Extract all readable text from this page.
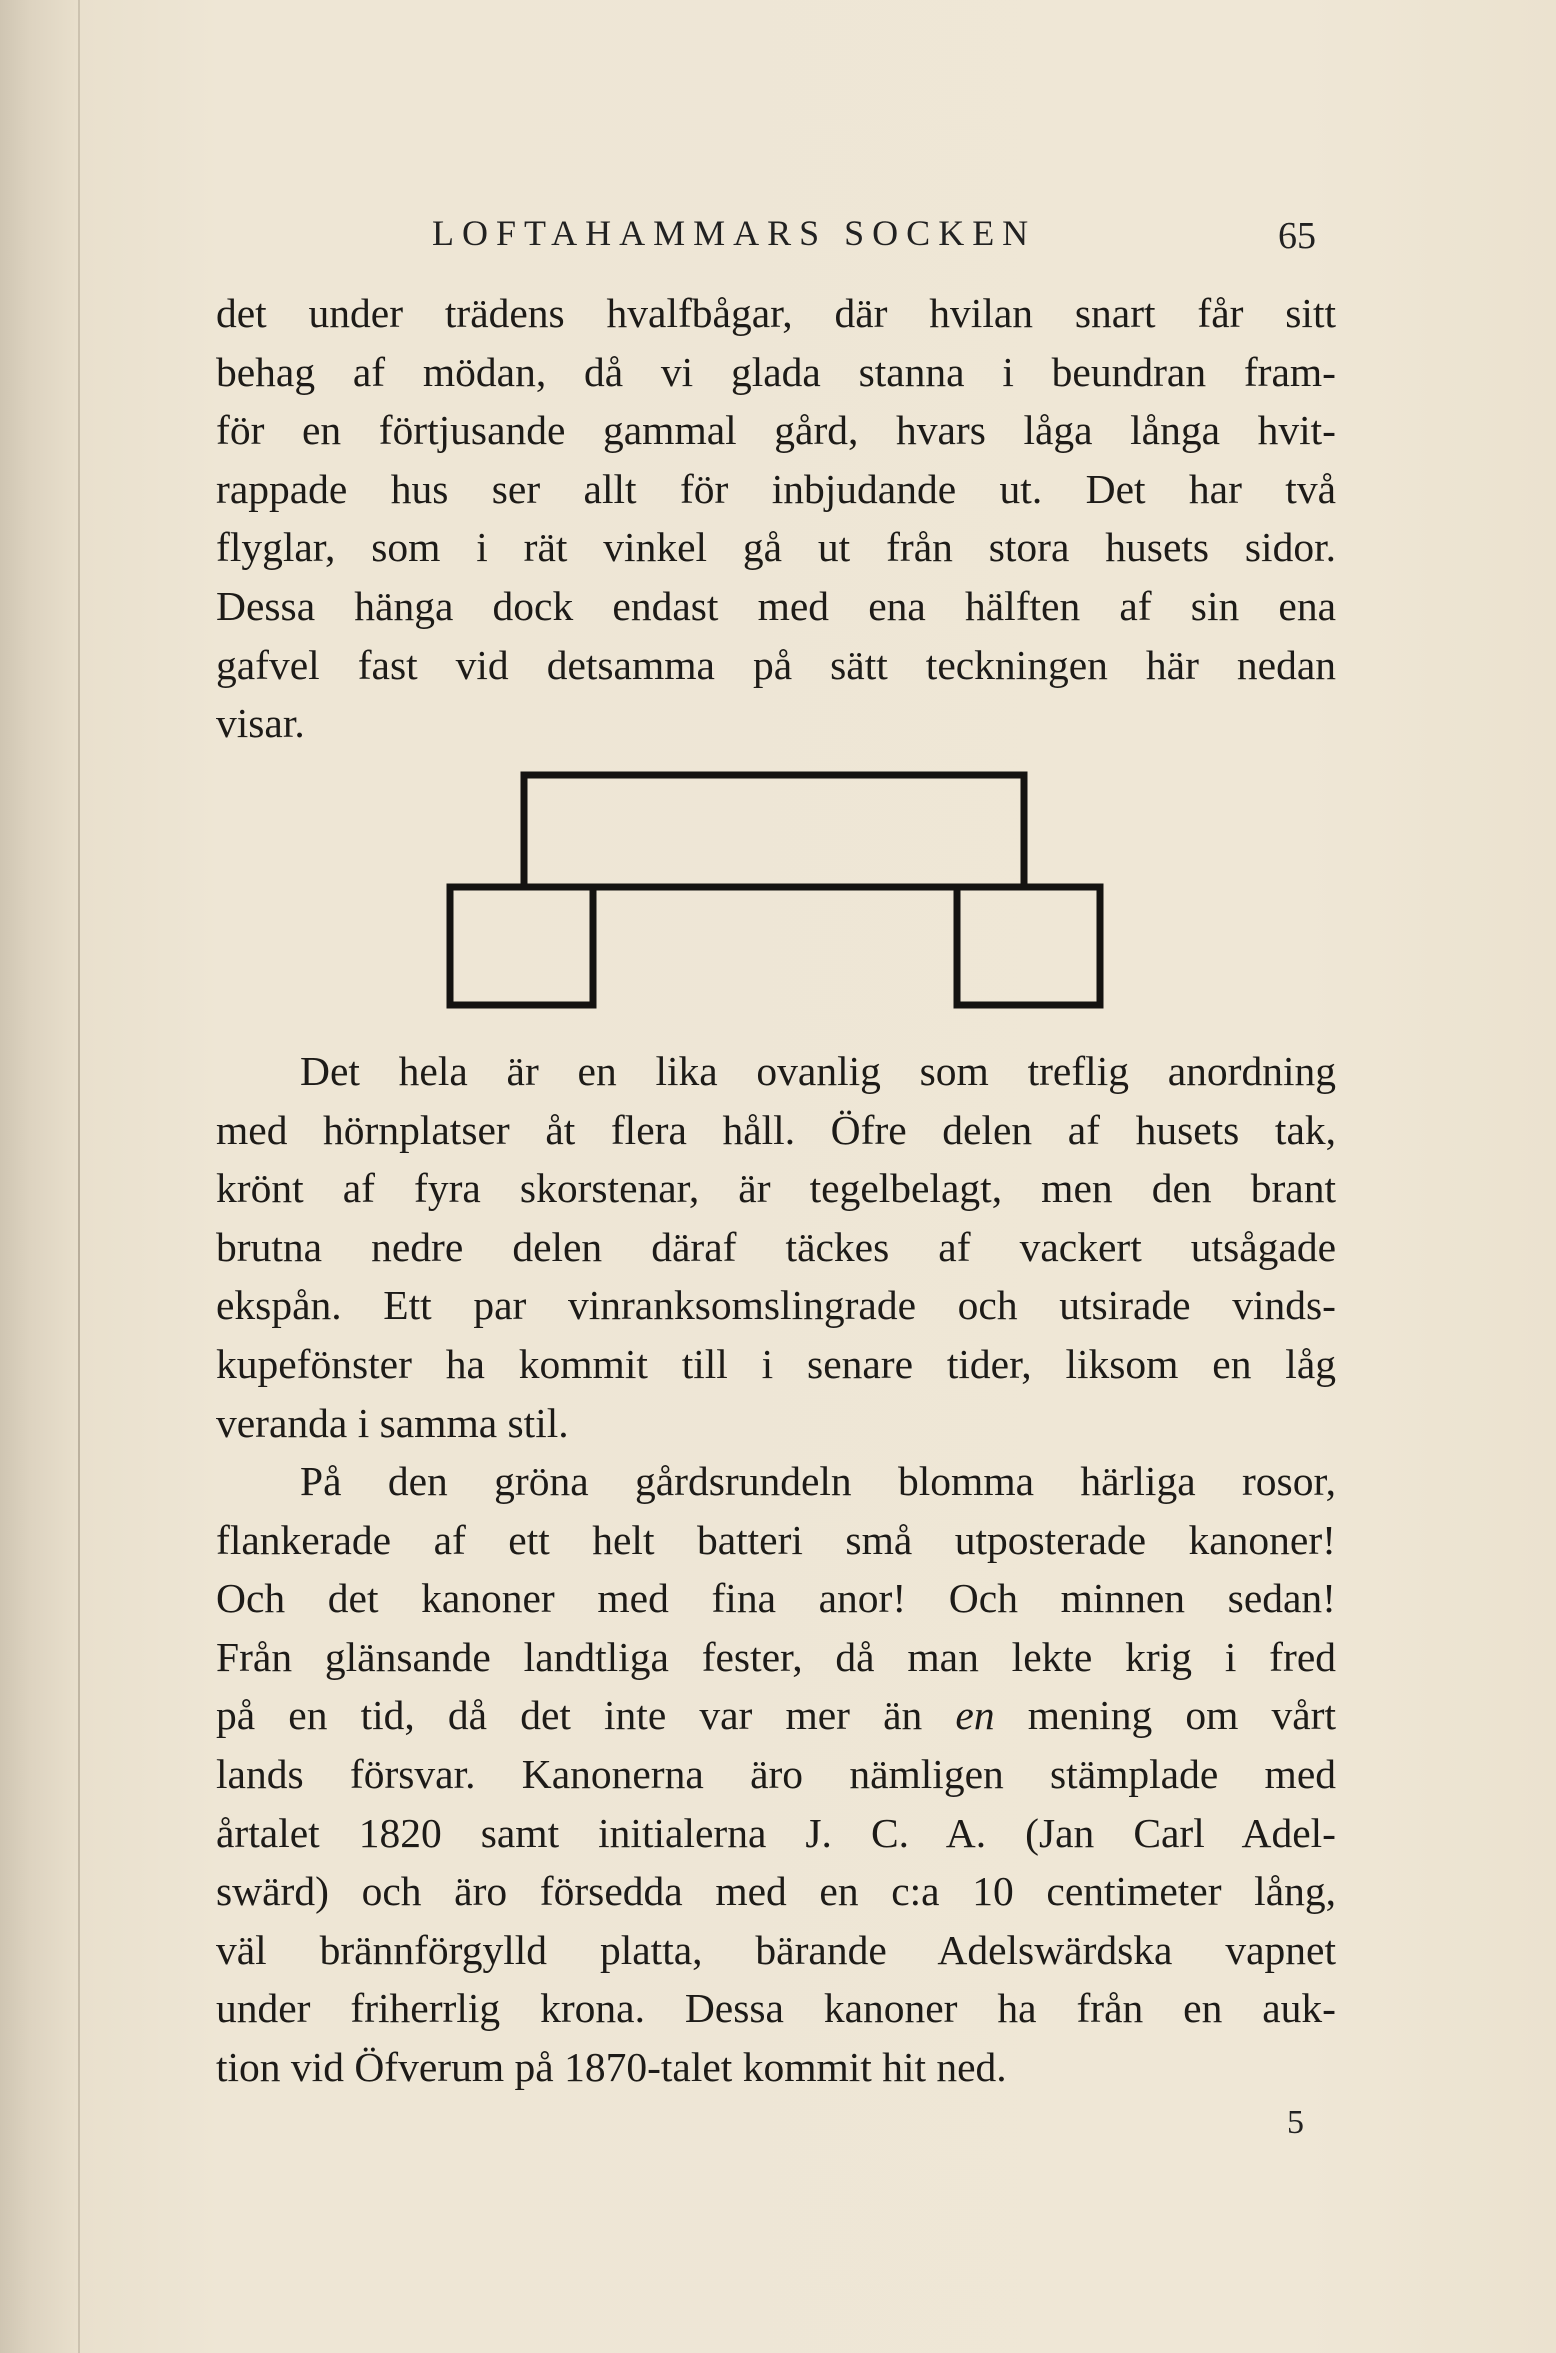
LOFTAHAMMARS SOCKEN	65
det under trädens hvalfbågar, där hvilan snart får sitt
behag af mödan, då vi glada stanna i beundran fram-
för en förtjusande gammal gård, hvars låga långa hvit-
rappade hus ser allt för inbjudande ut. Det har två
flyglar, som i rät vinkel gå ut från stora husets sidor.
Dessa hänga dock endast med ena hälften af sin ena
gafvel fast vid detsamma på sätt teckningen här nedan
visar.
Det hela är en lika ovanlig som treflig anordning
med hörnplatser åt flera håll. Öfre delen af husets tak,
krönt af fyra skorstenar, är tegelbelagt, men den brant
brutna nedre delen däraf täckes af vackert utsågade
ekspån. Ett par vinranksomslingrade och utsirade vinds-
kupefönster ha kommit till i senare tider, liksom en låg
veranda i samma stil.
På den gröna gårdsrundeln blomma härliga rosor,
flankerade af ett helt batteri små utposterade kanoner!
Och det kanoner med fina anor! Och minnen sedan!
Från glänsande landtliga fester, då man lekte krig i fred
på en tid, då det inte var mer än en mening om vårt
lands försvar. Kanonerna äro nämligen stämplade med
årtalet 1820 samt initialerna J. C. A. (Jan Carl Adel-
swärd) och äro försedda med en c:a 10 centimeter lång,
väl brännförgylld platta, bärande Adelswärdska vapnet
under friherrlig krona. Dessa kanoner ha från en auk-
tion vid Öfverum på 1870-talet kommit hit ned.
5
